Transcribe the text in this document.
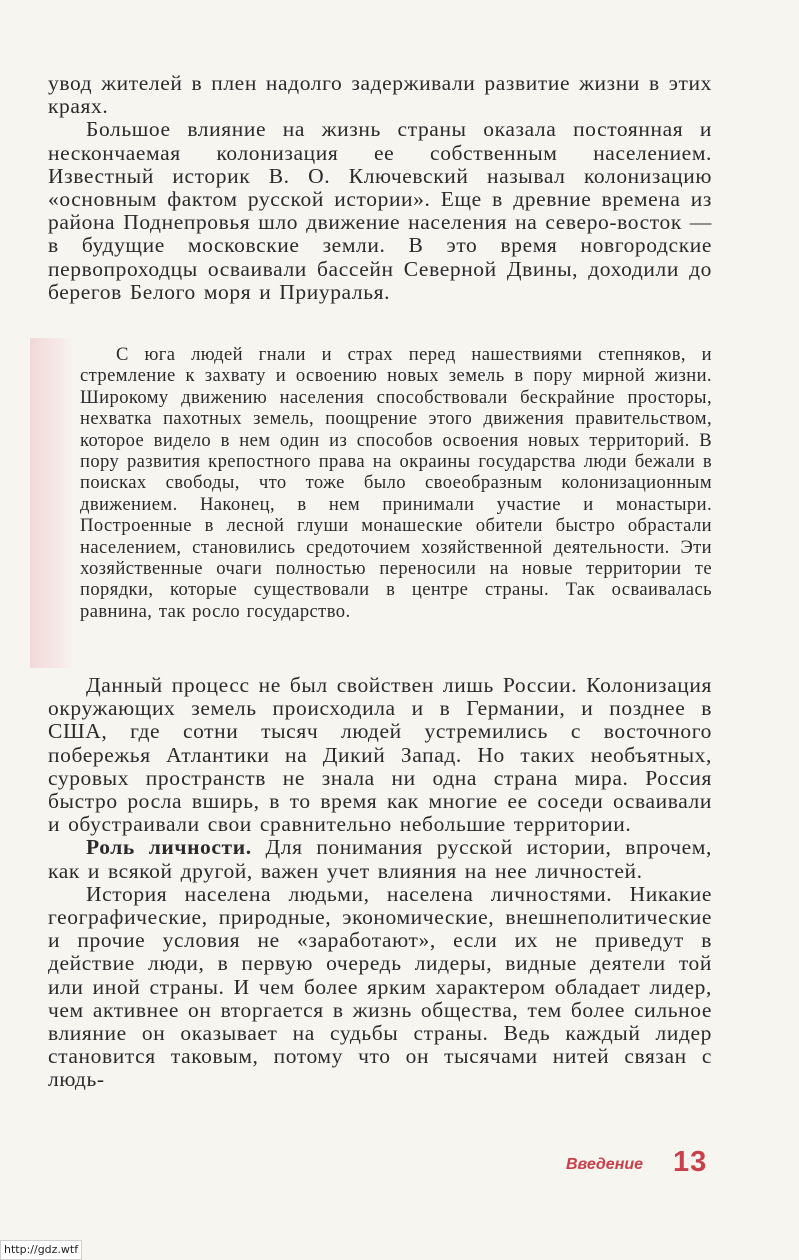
увод жителей в плен надолго задерживали развитие жизни в этих краях.

Большое влияние на жизнь страны оказала постоянная и нескончаемая колонизация ее собственным населением. Известный историк В. О. Ключевский называл колонизацию «основным фактом русской истории». Еще в древние времена из района Поднепровья шло движение населения на северо-восток — в будущие московские земли. В это время новгородские первопроходцы осваивали бассейн Северной Двины, доходили до берегов Белого моря и Приуралья.

С юга людей гнали и страх перед нашествиями степняков, и стремление к захвату и освоению новых земель в пору мирной жизни. Широкому движению населения способствовали бескрайние просторы, нехватка пахотных земель, поощрение этого движения правительством, которое видело в нем один из способов освоения новых территорий. В пору развития крепостного права на окраины государства люди бежали в поисках свободы, что тоже было своеобразным колонизационным движением. Наконец, в нем принимали участие и монастыри. Построенные в лесной глуши монашеские обители быстро обрастали населением, становились средоточием хозяйственной деятельности. Эти хозяйственные очаги полностью переносили на новые территории те порядки, которые существовали в центре страны. Так осваивалась равнина, так росло государство.

Данный процесс не был свойствен лишь России. Колонизация окружающих земель происходила и в Германии, и позднее в США, где сотни тысяч людей устремились с восточного побережья Атлантики на Дикий Запад. Но таких необъятных, суровых пространств не знала ни одна страна мира. Россия быстро росла вширь, в то время как многие ее соседи осваивали и обустраивали свои сравнительно небольшие территории.

Роль личности. Для понимания русской истории, впрочем, как и всякой другой, важен учет влияния на нее личностей.

История населена людьми, населена личностями. Никакие географические, природные, экономические, внешнеполитические и прочие условия не «заработают», если их не приведут в действие люди, в первую очередь лидеры, видные деятели той или иной страны. И чем более ярким характером обладает лидер, чем активнее он вторгается в жизнь общества, тем более сильное влияние он оказывает на судьбы страны. Ведь каждый лидер становится таковым, потому что он тысячами нитей связан с людь-

Введение 13
http://gdz.wtf
